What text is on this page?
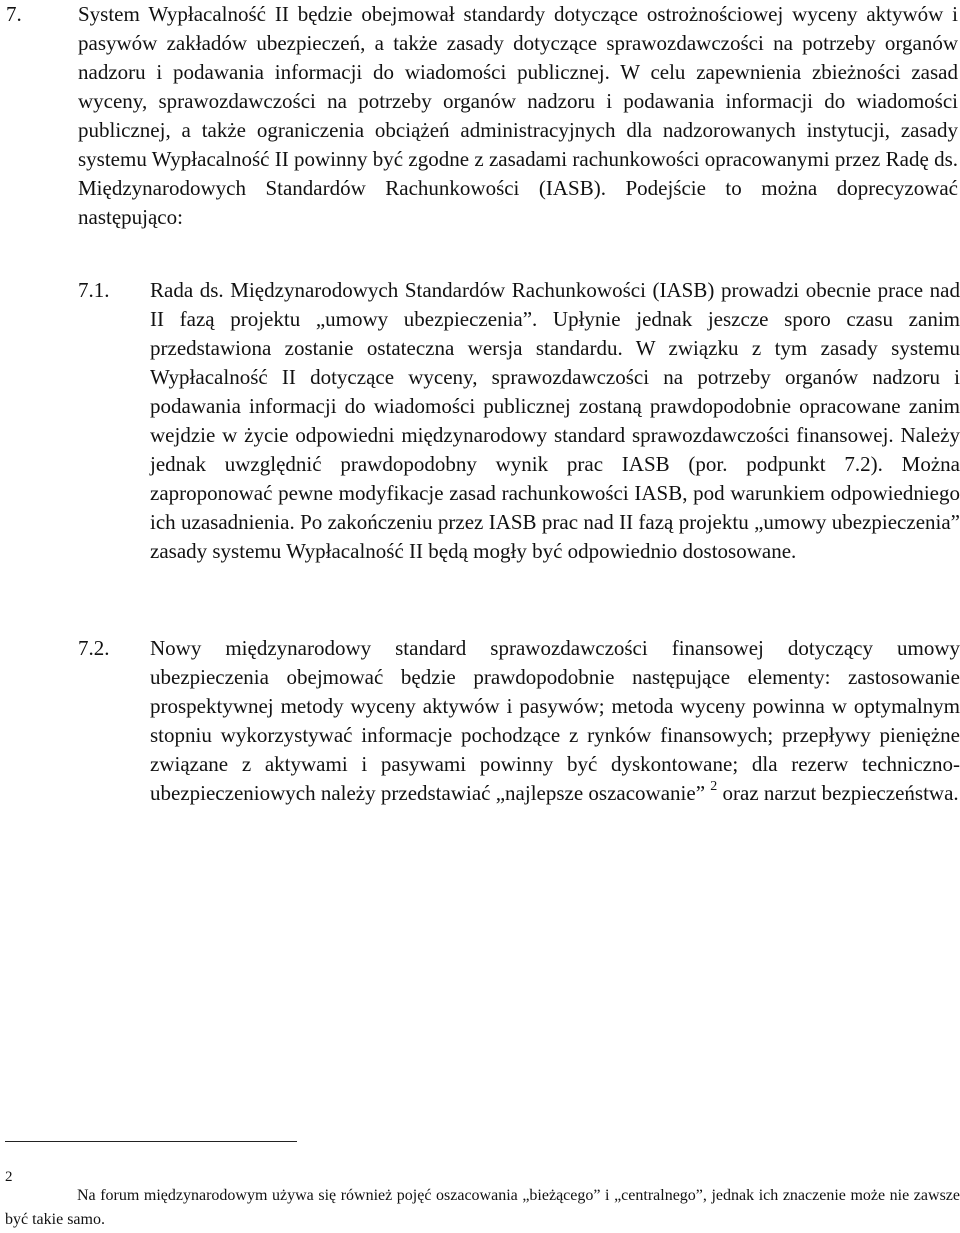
7.	System Wypłacalność II będzie obejmował standardy dotyczące ostrożnościowej wyceny aktywów i pasywów zakładów ubezpieczeń, a także zasady dotyczące sprawozdawczości na potrzeby organów nadzoru i podawania informacji do wiadomości publicznej. W celu zapewnienia zbieżności zasad wyceny, sprawozdawczości na potrzeby organów nadzoru i podawania informacji do wiadomości publicznej, a także ograniczenia obciążeń administracyjnych dla nadzorowanych instytucji, zasady systemu Wypłacalność II powinny być zgodne z zasadami rachunkowości opracowanymi przez Radę ds. Międzynarodowych Standardów Rachunkowości (IASB). Podejście to można doprecyzować następująco:
7.1. Rada ds. Międzynarodowych Standardów Rachunkowości (IASB) prowadzi obecnie prace nad II fazą projektu „umowy ubezpieczenia”. Upłynie jednak jeszcze sporo czasu zanim przedstawiona zostanie ostateczna wersja standardu. W związku z tym zasady systemu Wypłacalność II dotyczące wyceny, sprawozdawczości na potrzeby organów nadzoru i podawania informacji do wiadomości publicznej zostaną prawdopodobnie opracowane zanim wejdzie w życie odpowiedni międzynarodowy standard sprawozdawczości finansowej. Należy jednak uwzględnić prawdopodobny wynik prac IASB (por. podpunkt 7.2). Można zaproponować pewne modyfikacje zasad rachunkowości IASB, pod warunkiem odpowiedniego ich uzasadnienia. Po zakończeniu przez IASB prac nad II fazą projektu „umowy ubezpieczenia” zasady systemu Wypłacalność II będą mogły być odpowiednio dostosowane.
7.2. Nowy międzynarodowy standard sprawozdawczości finansowej dotyczący umowy ubezpieczenia obejmować będzie prawdopodobnie następujące elementy: zastosowanie prospektywnej metody wyceny aktywów i pasywów; metoda wyceny powinna w optymalnym stopniu wykorzystywać informacje pochodzące z rynków finansowych; przepływy pieniężne związane z aktywami i pasywami powinny być dyskontowane; dla rezerw techniczno-ubezpieczeniowych należy przedstawiać „najlepsze oszacowanie” $^2$ oraz narzut bezpieczeństwa.
2
Na forum międzynarodowym używa się również pojęć oszacowania „bieżącego” i „centralnego”, jednak ich znaczenie może nie zawsze być takie samo.
